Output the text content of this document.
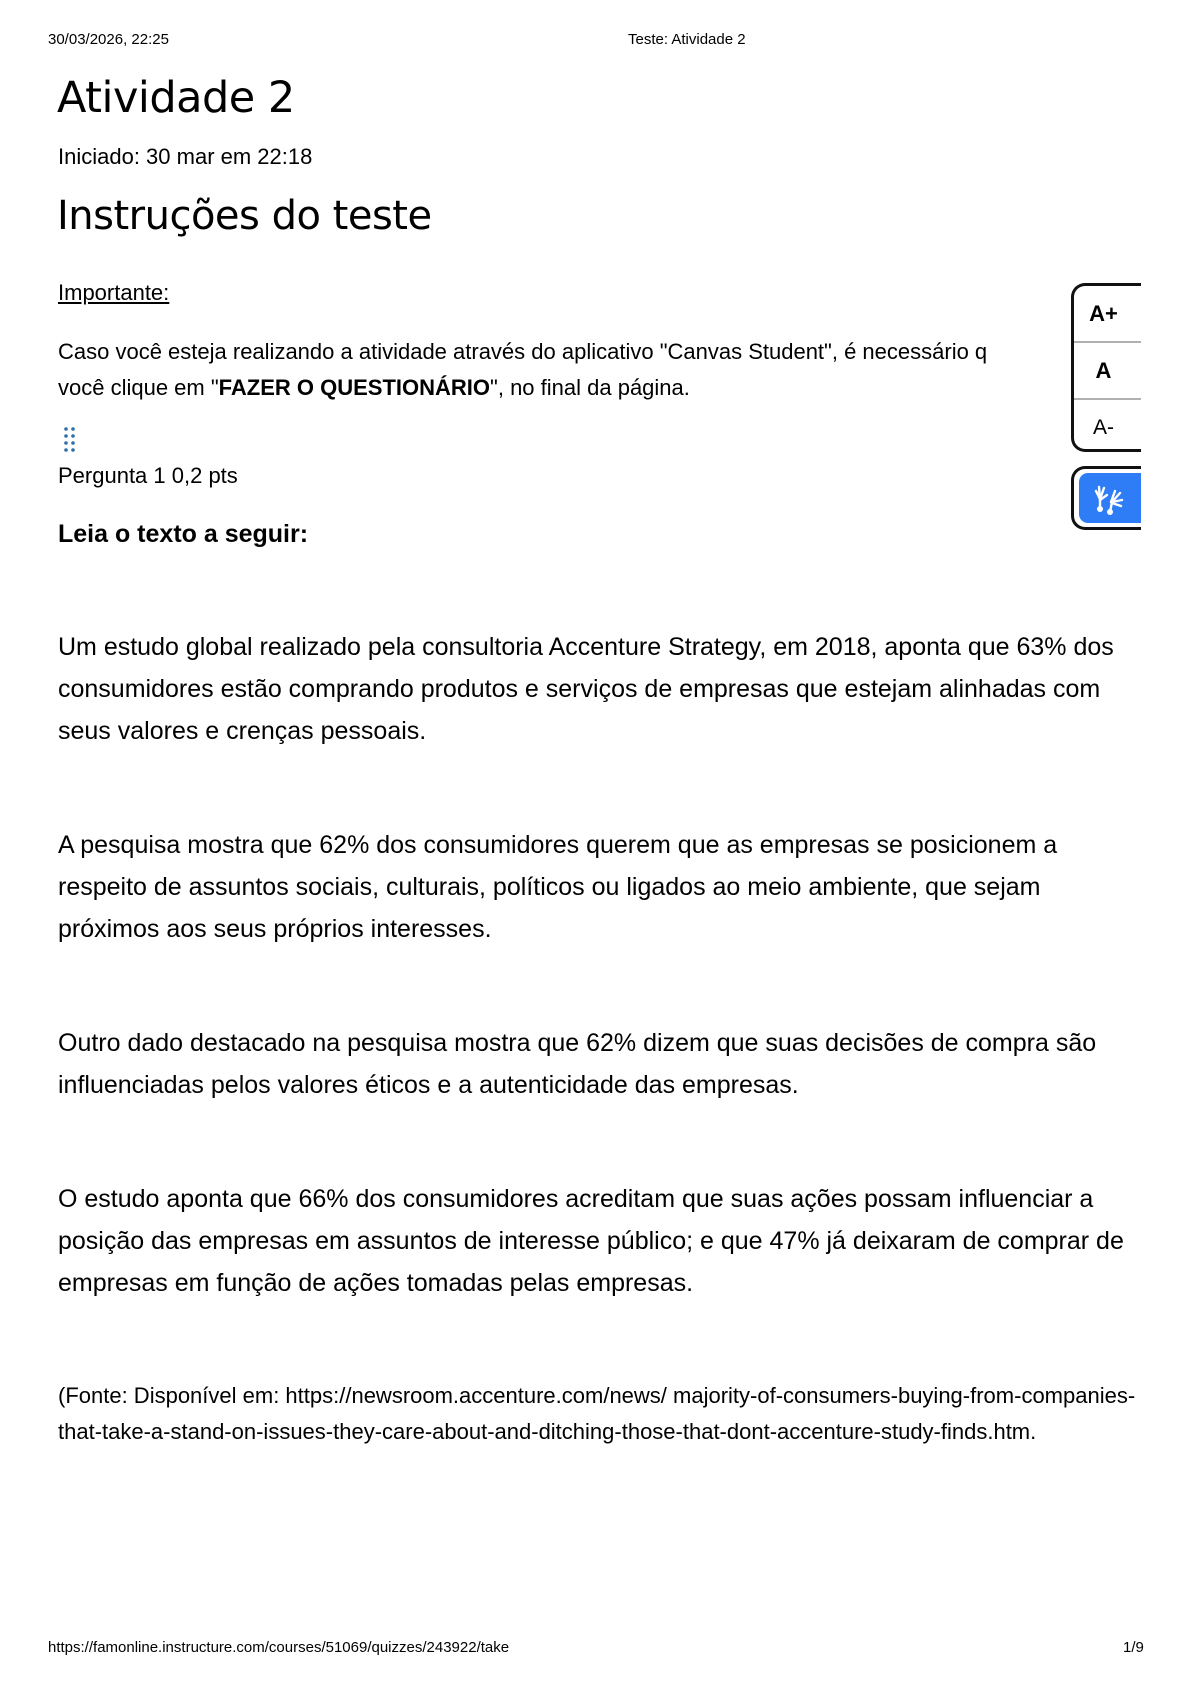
30/03/2026, 22:25	Teste: Atividade 2
Atividade 2
Iniciado: 30 mar em 22:18
Instruções do teste
Importante:
Caso você esteja realizando a atividade através do aplicativo "Canvas Student", é necessário q
você clique em "FAZER O QUESTIONÁRIO", no final da página.
Pergunta 1 0,2 pts
Leia o texto a seguir:

Um estudo global realizado pela consultoria Accenture Strategy, em 2018, aponta que 63% dos consumidores estão comprando produtos e serviços de empresas que estejam alinhadas com seus valores e crenças pessoais.

A pesquisa mostra que 62% dos consumidores querem que as empresas se posicionem a respeito de assuntos sociais, culturais, políticos ou ligados ao meio ambiente, que sejam próximos aos seus próprios interesses.

Outro dado destacado na pesquisa mostra que 62% dizem que suas decisões de compra são influenciadas pelos valores éticos e a autenticidade das empresas.

O estudo aponta que 66% dos consumidores acreditam que suas ações possam influenciar a posição das empresas em assuntos de interesse público; e que 47% já deixaram de comprar de empresas em função de ações tomadas pelas empresas.

(Fonte: Disponível em: https://newsroom.accenture.com/news/ majority-of-consumers-buying-from-companies-that-take-a-stand-on-issues-they-care-about-and-ditching-those-that-dont-accenture-study-finds.htm.

A+
A
A-
https://famonline.instructure.com/courses/51069/quizzes/243922/take	1/9
